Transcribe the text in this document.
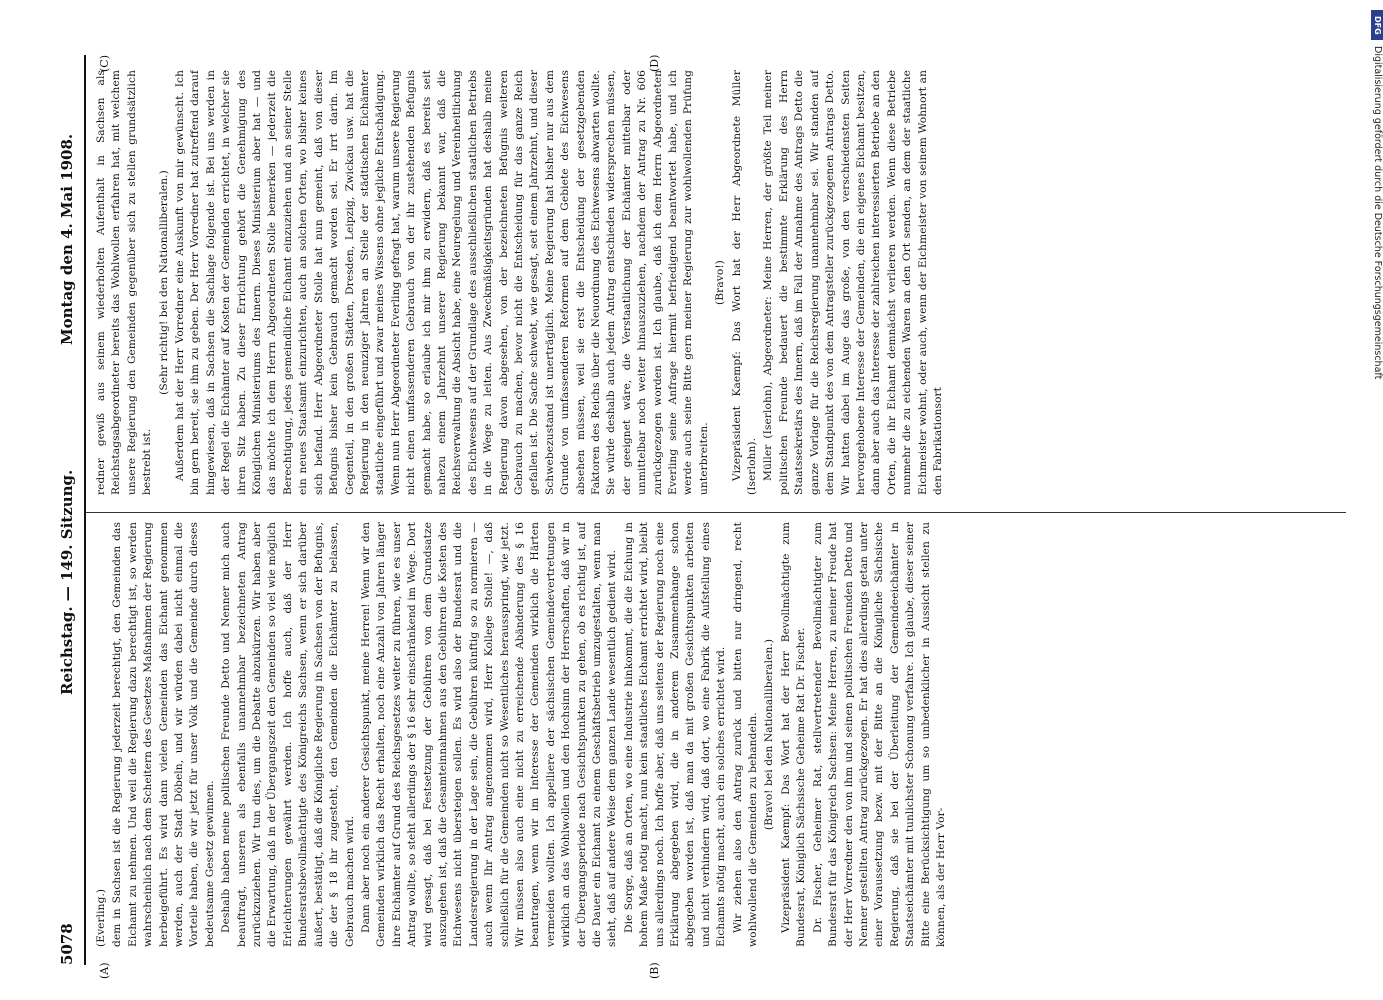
5078
Reichstag. — 149. Sitzung.
Montag den 4. Mai 1908.
(A)	(B)
(C)	(D)

(Everling.) dem in Sachsen ist die Regierung jederzeit berechtigt, den Gemeinden das Eichamt zu nehmen. Und weil die Regierung dazu berechtigt ist, so werden wahrscheinlich nach dem Scheitern des Gesetzes Maßnahmen der Regierung herbeigeführt. Es wird dann vielen Gemeinden das Eichamt genommen werden, auch der Stadt Döbeln, und wir würden dabei nicht einmal die Vorteile haben, die wir jetzt für unser Volk und die Gemeinde durch dieses bedeutsame Gesetz gewinnen. Deshalb haben meine politischen Freunde Detto und Nenner mich auch beauftragt, unseren als ebenfalls unannehmbar bezeichneten Antrag zurückzuziehen. Wir tun dies, um die Debatte abzukürzen. Wir haben aber die Erwartung, daß in der Übergangszeit den Gemeinden so viel wie möglich Erleichterungen gewährt werden. Ich hoffe auch, daß der Herr Bundesratsbevollmächtigte des Königreichs Sachsen, wenn er sich darüber äußert, bestätigt, daß die Königliche Regierung in Sachsen von der Befugnis, die der § 18 ihr zugesteht, den Gemeinden die Eichämter zu belassen, Gebrauch machen wird. Dann aber noch ein anderer Gesichtspunkt, meine Herren! Wenn wir den Gemeinden wirklich das Recht erhalten, noch eine Anzahl von Jahren länger ihre Eichämter auf Grund des Reichsgesetzes weiter zu führen, wie es unser Antrag wollte, so steht allerdings der § 16 sehr einschränkend im Wege. Dort wird gesagt, daß bei Festsetzung der Gebühren von dem Grundsatze auszugehen ist, daß die Gesamteinnahmen aus den Gebühren die Kosten des Eichwesens nicht übersteigen sollen. Es wird also der Bundesrat und die Landesregierung in der Lage sein, die Gebühren künftig so zu normieren — auch wenn Ihr Antrag angenommen wird, Herr Kollege Stolle! —, daß schließlich für die Gemeinden nicht so Wesentliches herausspringt, wie jetzt. Wir müssen also auch eine nicht zu erreichende Abänderung des § 16 beantragen, wenn wir im Interesse der Gemeinden wirklich die Härten vermeiden wollten. Ich appelliere der sächsischen Gemeindevertretungen wirklich an das Wohlwollen und den Hochsinn der Herrschaften, daß wir in der Übergangsperiode nach Gesichtspunkten zu gehen, ob es richtig ist, auf die Dauer ein Eichamt zu einem Geschäftsbetrieb umzugestalten, wenn man sieht, daß auf andere Weise dem ganzen Lande wesentlich gedient wird. Die Sorge, daß an Orten, wo eine Industrie hinkommt, die die Eichung in hohem Maße nötig macht, nun kein staatliches Eichamt errichtet wird, bleibt uns allerdings noch. Ich hoffe aber, daß uns seitens der Regierung noch eine Erklärung abgegeben wird, die in anderem Zusammenhange schon abgegeben worden ist, daß man da mit großen Gesichtspunkten arbeiten und nicht verhindern wird, daß dort, wo eine Fabrik die Aufstellung eines Eichamts nötig macht, auch ein solches errichtet wird. Wir ziehen also den Antrag zurück und bitten nur dringend, recht wohlwollend die Gemeinden zu behandeln. (Bravo! bei den Nationalliberalen.) Vizepräsident Kaempf: Das Wort hat der Herr Bevollmächtigte zum Bundesrat, Königlich Sächsische Geheime Rat Dr. Fischer. Dr. Fischer, Geheimer Rat, stellvertretender Bevollmächtigter zum Bundesrat für das Königreich Sachsen: Meine Herren, zu meiner Freude hat der Herr Vorredner den von ihm und seinen politischen Freunden Detto und Nenner gestellten Antrag zurückgezogen. Er hat dies allerdings getan unter einer Voraussetzung bezw. mit der Bitte an die Königliche Sächsische Regierung, daß sie bei der Überleitung der Gemeindeeichämter in Staatseichämter mit tunlichster Schonung verfahre. Ich glaube, dieser seiner Bitte eine Berücksichtigung um so unbedenklicher in Aussicht stellen zu können, als der Herr Vor-

redner gewiß aus seinem wiederholten Aufenthalt in Sachsen als Reichstagsabgeordneter bereits das Wohlwollen erfahren hat, mit welchem unsere Regierung den Gemeinden gegenüber sich zu stellen grundsätzlich bestrebt ist.

(Sehr richtig! bei den Nationalliberalen.) Außerdem hat der Herr Vorredner eine Auskunft von mir gewünscht. Ich bin gern bereit, sie ihm zu geben. Der Herr Vorredner hat zutreffend darauf hingewiesen, daß in Sachsen die Sachlage folgende ist. Bei uns werden in der Regel die Eichämter auf Kosten der Gemeinden errichtet, in welcher sie ihren Sitz haben. Zu dieser Errichtung gehört die Genehmigung des Königlichen Ministeriums des Innern. Dieses Ministerium aber hat — und das möchte ich dem Herrn Abgeordneten Stolle bemerken — jederzeit die Berechtigung, jedes gemeindliche Eichamt einzuziehen und an seiner Stelle ein neues Staatsamt einzurichten, auch an solchen Orten, wo bisher keines sich befand. Herr Abgeordneter Stolle hat nun gemeint, daß von dieser Befugnis bisher kein Gebrauch gemacht worden sei. Er irrt darin. Im Gegenteil, in den großen Städten, Dresden, Leipzig, Zwickau usw. hat die Regierung in den neunziger Jahren an Stelle der städtischen Eichämter staatliche eingeführt und zwar meines Wissens ohne jegliche Entschädigung. Wenn nun Herr Abgeordneter Everling gefragt hat, warum unsere Regierung nicht einen umfassenderen Gebrauch von der ihr zustehenden Befugnis gemacht habe, so erlaube ich mir ihm zu erwidern, daß es bereits seit nahezu einem Jahrzehnt unserer Regierung bekannt war, daß die Reichsverwaltung die Absicht habe, eine Neuregelung und Vereinheitlichung des Eichwesens auf der Grundlage des ausschließlichen staatlichen Betriebs in die Wege zu leiten. Aus Zweckmäßigkeitsgründen hat deshalb meine Regierung davon abgesehen, von der bezeichneten Befugnis weiteren Gebrauch zu machen, bevor nicht die Entscheidung für das ganze Reich gefallen ist. Die Sache schwebt, wie gesagt, seit einem Jahrzehnt, und dieser Schwebezustand ist unerträglich. Meine Regierung hat bisher nur aus dem Grunde von umfassenderen Reformen auf dem Gebiete des Eichwesens absehen müssen, weil sie erst die Entscheidung der gesetzgebenden Faktoren des Reichs über die Neuordnung des Eichwesens abwarten wollte. Sie würde deshalb auch jedem Antrag entschieden widersprechen müssen, der geeignet wäre, die Verstaatlichung der Eichämter mittelbar oder unmittelbar noch weiter hinauszuziehen, nachdem der Antrag zu Nr. 606 zurückgezogen worden ist. Ich glaube, daß ich dem Herrn Abgeordneten Everling seine Anfrage hiermit befriedigend beantwortet habe, und ich werde auch seine Bitte gern meiner Regierung zur wohlwollenden Prüfung unterbreiten.

(Bravo!) Vizepräsident Kaempf: Das Wort hat der Herr Abgeordnete Müller (Iserlohn). Müller (Iserlohn), Abgeordneter: Meine Herren, der größte Teil meiner politischen Freunde bedauert die bestimmte Erklärung des Herrn Staatssekretärs des Innern, daß im Fall der Annahme des Antrags Detto die ganze Vorlage für die Reichsregierung unannehmbar sei. Wir standen auf dem Standpunkt des von dem Antragsteller zurückgezogenen Antrags Detto. Wir hatten dabei im Auge das große, von den verschiedensten Seiten hervorgehobene Interesse der Gemeinden, die ein eigenes Eichamt besitzen, dann aber auch das Interesse der zahlreichen interessierten Betriebe an den Orten, die ihr Eichamt demnächst verlieren werden. Wenn diese Betriebe nunmehr die zu eichenden Waren an den Ort senden, an dem der staatliche Eichmeister wohnt, oder auch, wenn der Eichmeister von seinem Wohnort an den Fabrikationsort

DFG
Digitalisierung gefördert durch die Deutsche Forschungsgemeinschaft
